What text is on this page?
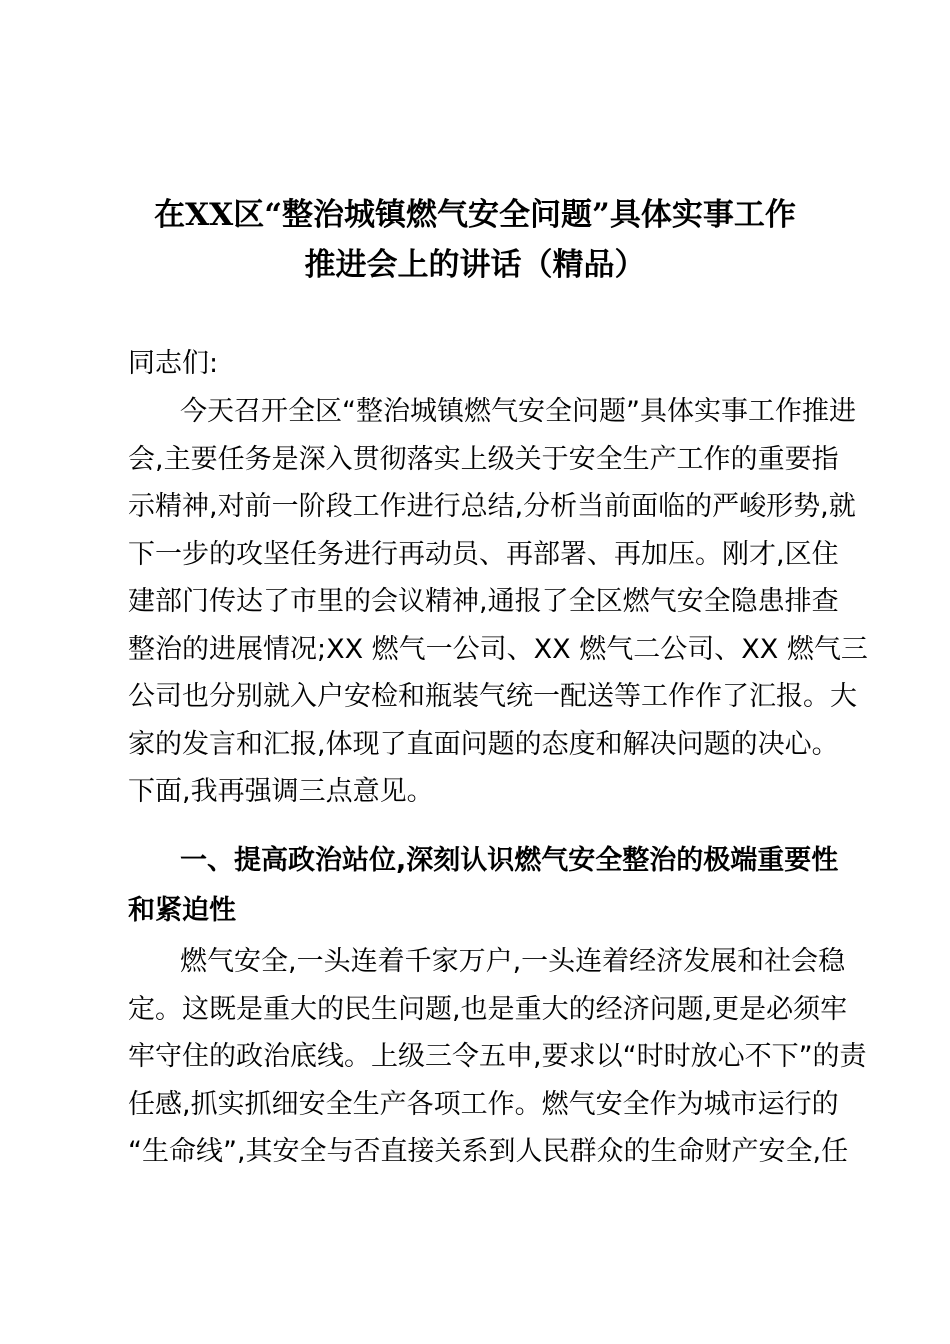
在XX区“整治城镇燃气安全问题”具体实事工作
推进会上的讲话（精品）
同志们:
今天召开全区“整治城镇燃气安全问题”具体实事工作推进
会,主要任务是深入贯彻落实上级关于安全生产工作的重要指
示精神,对前一阶段工作进行总结,分析当前面临的严峻形势,就
下一步的攻坚任务进行再动员、再部署、再加压。刚才,区住
建部门传达了市里的会议精神,通报了全区燃气安全隐患排查
整治的进展情况;XX 燃气一公司、XX 燃气二公司、XX 燃气三
公司也分别就入户安检和瓶装气统一配送等工作作了汇报。大
家的发言和汇报,体现了直面问题的态度和解决问题的决心。
下面,我再强调三点意见。
一、提高政治站位,深刻认识燃气安全整治的极端重要性
和紧迫性
燃气安全,一头连着千家万户,一头连着经济发展和社会稳
定。这既是重大的民生问题,也是重大的经济问题,更是必须牢
牢守住的政治底线。上级三令五申,要求以“时时放心不下”的责
任感,抓实抓细安全生产各项工作。燃气安全作为城市运行的
“生命线”,其安全与否直接关系到人民群众的生命财产安全,任
